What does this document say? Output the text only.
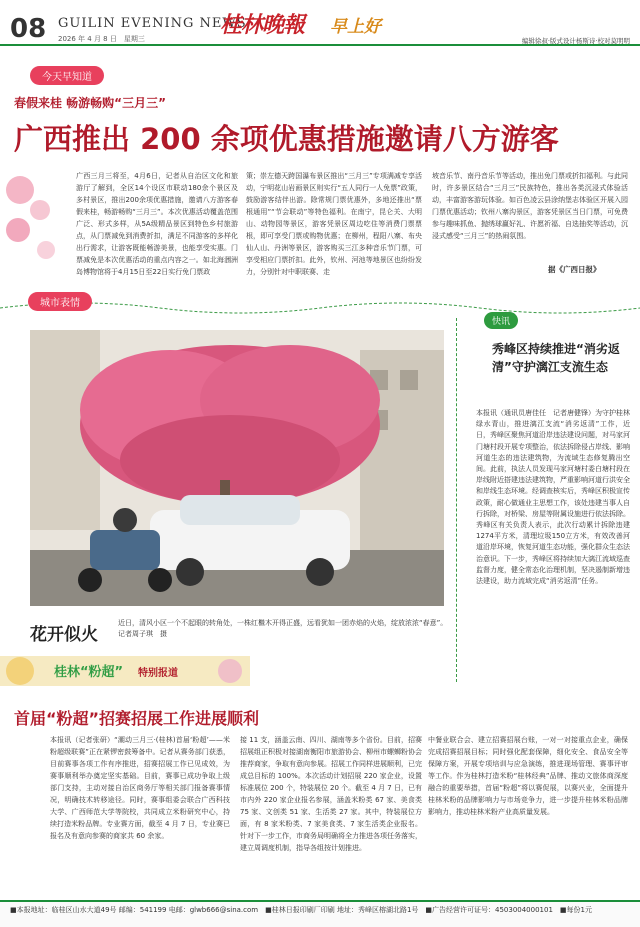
08 GUILIN EVENING NEWS
2026 年 4 月 8 日　星期三
桂林晚報 早上好
编辑徐叔·版式设计杨斯诗·校对莫明明
今天早知道
春假来桂 畅游畅购“三月三”
广西推出 200 余项优惠措施邀请八方游客
广西三月三将至，4月6日，记者从自治区文化和旅游厅了解到，全区14个设区市联动180余个景区及多村景区，推出200余项优惠措施，邀请八方游客春假来桂，畅游畅购“三月三”。本次优惠活动覆盖范围广泛、形式多样，从5A级精品景区到特色乡村旅游点，从门票减免到消费折扣，满足不同游客的多样化出行需求，让游客既能畅游美景，也能享受实惠。门票减免是本次优惠活动的重点内容之一。如北海涠洲岛博物馆将于4月15日至22日实行免门票政
策；崇左德天跨国瀑布景区推出“三月三”专项满减专享活动，宁明花山岩画景区则实行“五人同行一人免票”政策，鼓励游客结伴出游。除常规门票优惠外，多地还推出“票根通用”“节会联动”等特色福利。在南宁，昆仑关、大明山、动物园等景区，游客凭景区周边吃住等消费门票票根，即可享受门票或购物优惠；在柳州，程阳八寨、布央仙人山、丹洲等景区，游客购买三江多种音乐节门票，可享受相应门票折扣。此外，钦州、河池等地景区也纷纷发力，分别针对中职联赛、走
坡音乐节、南丹音乐节等活动，推出免门票或折扣福利。与此同时，许多景区结合“三月三”民族特色，推出各类沉浸式体验活动，丰富游客游玩体验。如百色凌云县涂纳堡志体验区开展入园门票优惠活动；钦州八寨沟景区，游客凭景区当日门票，可免费参与趣味抓鱼、抛绣球赢好礼、许愿祈福、自选抽奖等活动，沉浸式感受“三月三”的热闹氛围。
据《广西日报》
城市表情
花开似火
近日，清风小区一个不起眼的转角处，一株红檵木开得正盛，远看犹如一团赤焰的火焰，绽放浓浓“春意”。　　　　　　　　　　　　　　　　　记者周子琪　摄
快讯
秀峰区持续推进“消劣返清”守护漓江支流生态
本报讯（通讯员唐佳任　记者唐健锋）为守护桂林绿水青山，推进漓江支流“消劣返清”工作，近日，秀峰区聚焦河道沿岸违法建设问题，对马家河门塘村段开展专项整治，依法拆除侵占岸线、影响河道生态的违法建筑物，为流域生态修复腾出空间。此前，执法人员发现马家河塘村委白塘村段在岸线附近搭建违法建筑物，严重影响河道行洪安全和岸线生态环境。经调查核实后，秀峰区积极宣传政策，耐心做通业主思想工作，该处违建当事人自行拆除，对桥梁、房屋等附属设施进行依法拆除。秀峰区有关负责人表示，此次行动累计拆除违建1274平方米，清理垃圾150立方米，有效改善河道沿岸环境，恢复河道生态功能，强化群众生态法治意识。下一步，秀峰区将持续加大漓江流域巡查监督力度，健全常态化治理机制，坚决遏制新增违法建设，助力流域完成“消劣返清”任务。
桂林“粉超” 特别报道
首届“粉超”招赛招展工作进展顺利
本报讯（记者张研）“潮动三月三·(桂林)首届‘粉超’——米粉超级联赛”正在紧锣密鼓筹备中。记者从赛务部门获悉，目前赛事各项工作有序推进，招赛招展工作已见成效，为赛事顺利举办奠定坚实基础。目前，赛事已成功争取上级部门支持，主动对接自治区商务厅等相关部门报备赛事情况，明确技术转移途径。同时，赛事组委会联合广西科技大学、广西师范大学等院校，共同成立米粉研究中心，持续打造米粉品牌。专业赛方面，截至 4 月 7 日，专业赛已报名及有意向参赛的商家共 60 余家。
接 11 支，涵盖云南、四川、湖南等多个省份。目前，招赛招展组正积极对接湖南衡阳市旅游协会、柳州市螺蛳粉协会推荐商家，争取有意向参展。招展工作同样进展顺利，已完成总目标的 100%。本次活动计划招展 220 家企业，设置标准展位 200 个，特装展位 20 个。截至 4 月 7 日，已有市内外 220 家企业报名参展，涵盖米粉类 67 家、美食类 75 家、文创类 51 家、生活类 27 家。其中，特装展位方面，有 8 家米粉类、7 家美食类、7 家生活类企业报名。针对下一步工作，市商务局明确将全力推进各项任务落实，建立周调度机制，指导各组按计划推进。
中餐业联合会、建立招赛招展台账，一对一对接重点企业，确保完成招赛招展目标；同时强化配套保障，细化安全、食品安全等保障方案，开展专项培训与应急演练，推进现场管理、赛事评审等工作。作为桂林打造米粉“桂林经典”品牌、推动文旅体商深度融合的重要举措，首届“粉超”将以赛促展，以赛兴业，全面提升桂林米粉的品牌影响力与市场竞争力，进一步提升桂林米粉品牌影响力，推动桂林米粉产业高质量发展。
■本报地址：临桂区山水大道49号 邮编：541199 电邮：glwb666@sina.com　■桂林日报印刷厂印刷 地址：秀峰区榕湖北路1号　■广告经营许可证号：4503004000101　■每份1元
